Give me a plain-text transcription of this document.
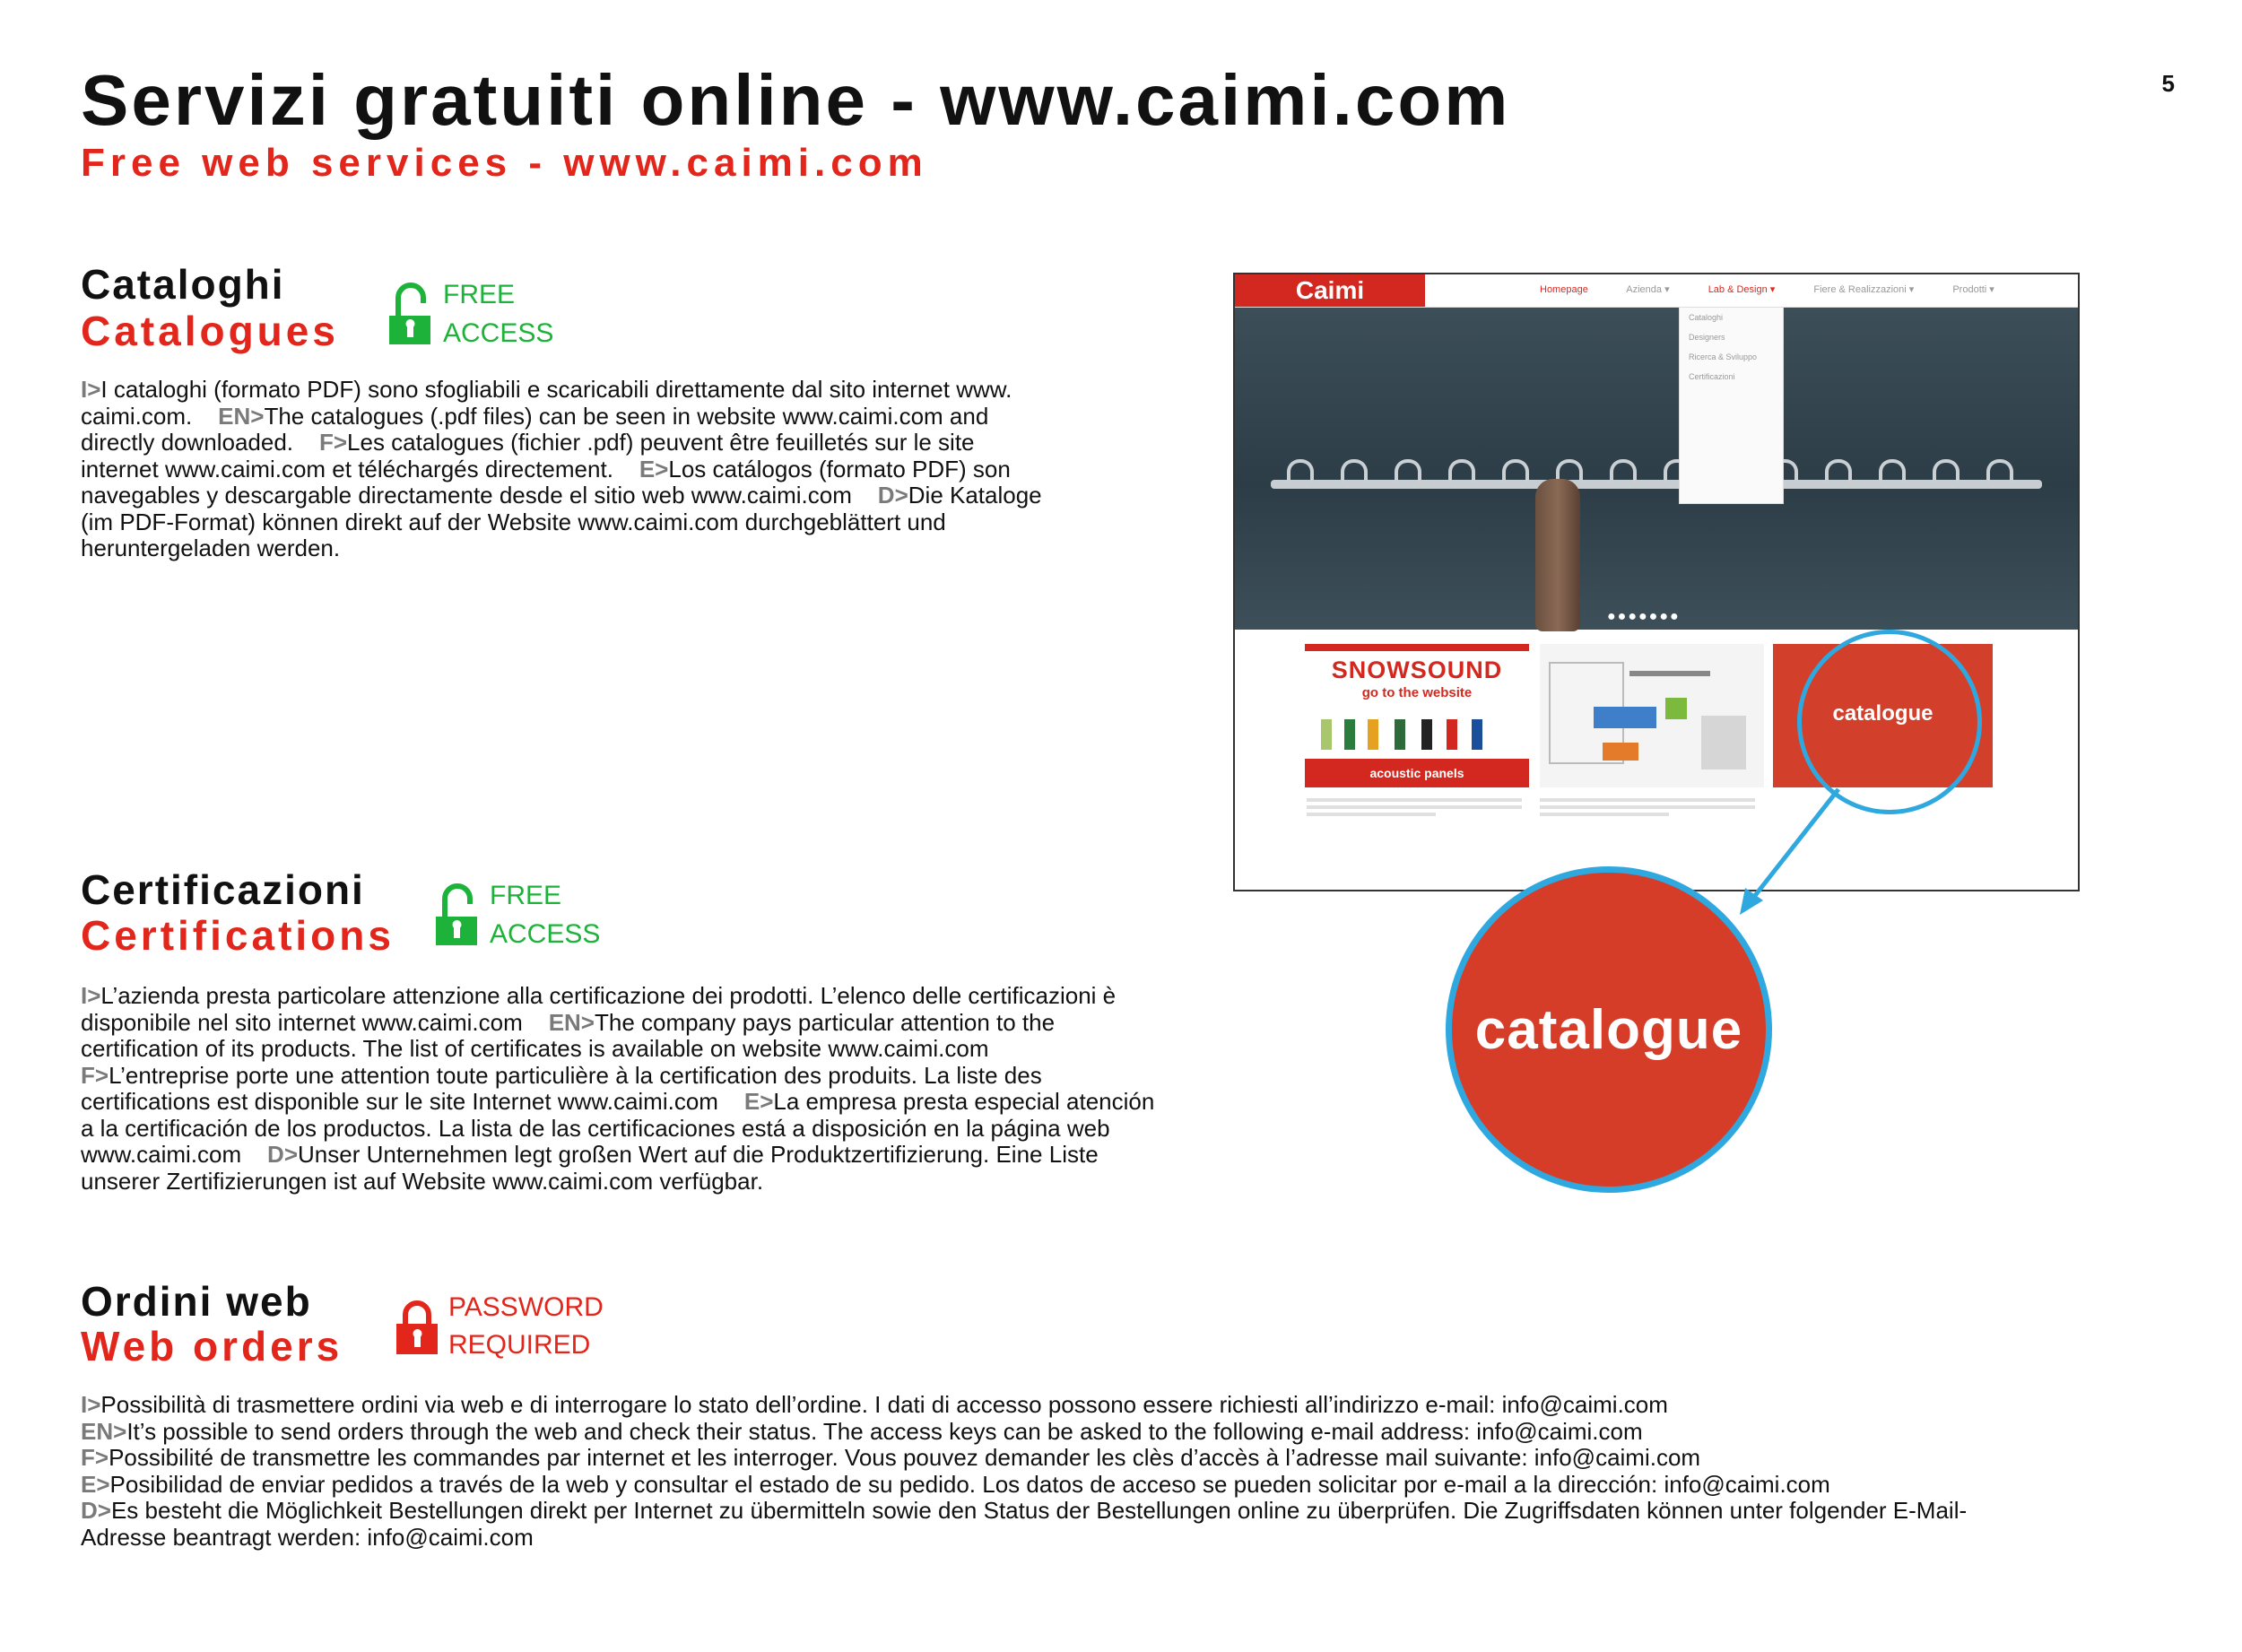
5
Servizi gratuiti online - www.caimi.com
Free web services - www.caimi.com
Cataloghi
Catalogues
FREE
ACCESS

I>I cataloghi (formato PDF) sono sfogliabili e scaricabili direttamente dal sito internet www. caimi.com. EN>The catalogues (.pdf files) can be seen in website www.caimi.com and directly downloaded. F>Les catalogues (fichier .pdf) peuvent être feuilletés sur le site internet www.caimi.com et téléchargés directement. E>Los catálogos (formato PDF) son navegables y descargable directamente desde el sitio web www.caimi.com D>Die Kataloge (im PDF-Format) können direkt auf der Website www.caimi.com durchgeblättert und heruntergeladen werden.

Certificazioni
Certifications
FREE
ACCESS

I>L’azienda presta particolare attenzione alla certificazione dei prodotti. L’elenco delle certificazioni è disponibile nel sito internet www.caimi.com EN>The company pays particular attention to the certification of its products. The list of certificates is available on website www.caimi.com
F>L’entreprise porte une attention toute particulière à la certification des produits. La liste des certifications est disponible sur le site Internet www.caimi.com E>La empresa presta especial atención a la certificación de los productos. La lista de las certificaciones está a disposición en la página web www.caimi.com D>Unser Unternehmen legt großen Wert auf die Produktzertifizierung. Eine Liste unserer Zertifizierungen ist auf Website www.caimi.com verfügbar.

Ordini web
Web orders
PASSWORD
REQUIRED

I>Possibilità di trasmettere ordini via web e di interrogare lo stato dell’ordine. I dati di accesso possono essere richiesti all’indirizzo e-mail: info@caimi.com

EN>It’s possible to send orders through the web and check their status. The access keys can be asked to the following e-mail address: info@caimi.com

F>Possibilité de transmettre les commandes par internet et les interroger. Vous pouvez demander les clès d’accès à l’adresse mail suivante: info@caimi.com

E>Posibilidad de enviar pedidos a través de la web y consultar el estado de su pedido. Los datos de acceso se pueden solicitar por e-mail a la dirección: info@caimi.com

D>Es besteht die Möglichkeit Bestellungen direkt per Internet zu übermitteln sowie den Status der Bestellungen online zu überprüfen. Die Zugriffsdaten können unter folgender E-Mail-Adresse beantragt werden: info@caimi.com

●●●●●●●
Caimi	Homepage	Azienda ▾	Lab & Design ▾	Fiere & Realizzazioni ▾	Prodotti ▾
Cataloghi
Designers
Ricerca & Sviluppo
Certificazioni
SNOWSOUND
go to the website
acoustic panels
catalogue
catalogue
